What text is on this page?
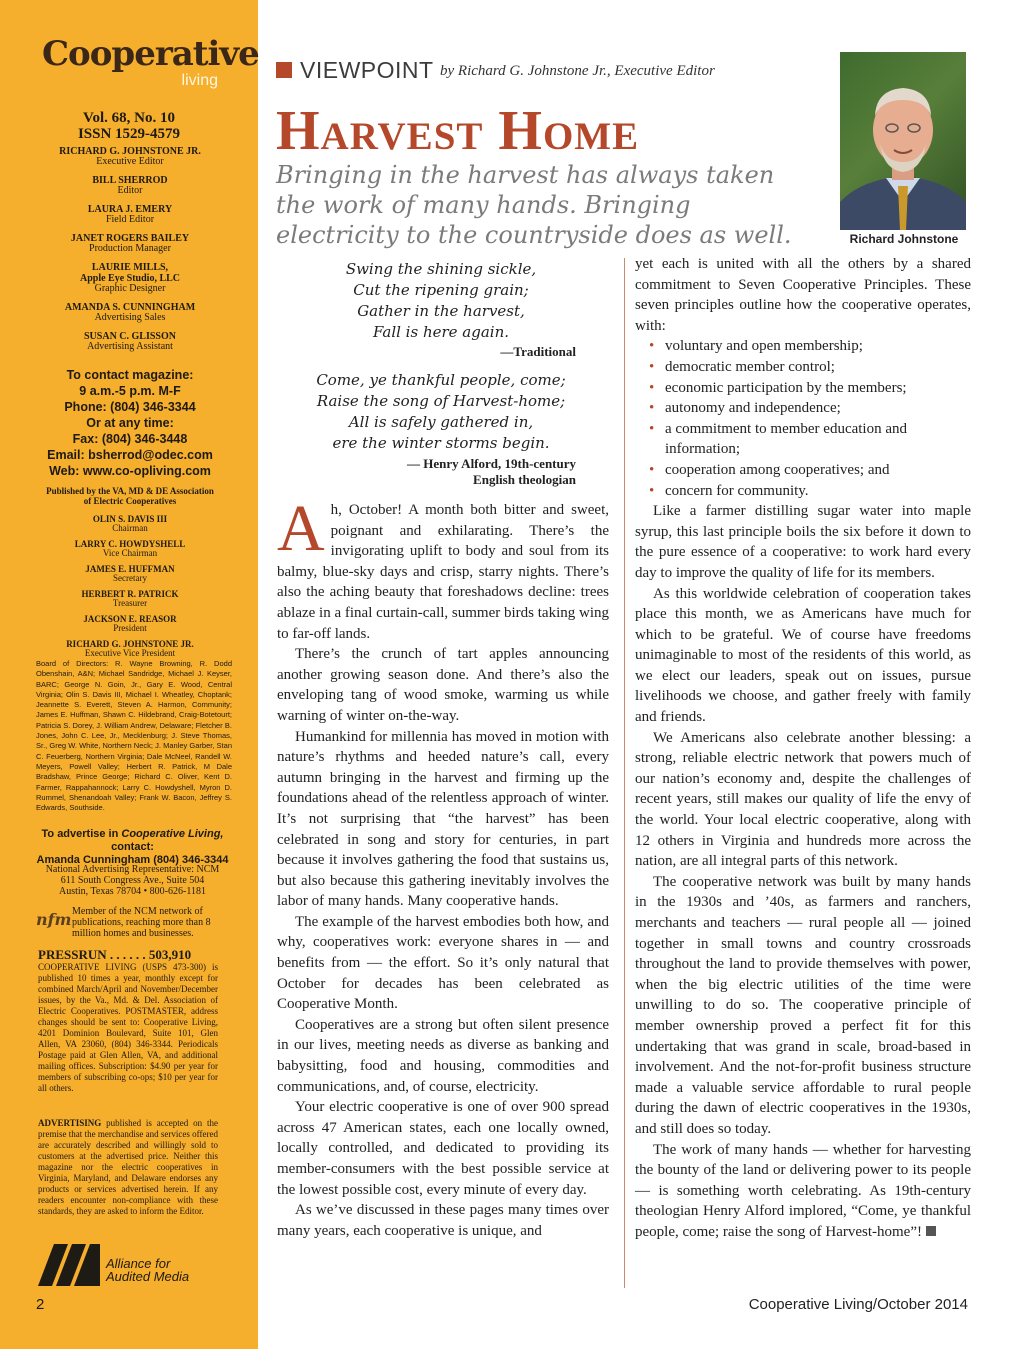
Cooperative
living
Vol. 68, No. 10
ISSN 1529-4579
RICHARD G. JOHNSTONE JR.
Executive Editor
BILL SHERROD
Editor
LAURA J. EMERY
Field Editor
JANET ROGERS BAILEY
Production Manager
LAURIE MILLS,
Apple Eye Studio, LLC
Graphic Designer
AMANDA S. CUNNINGHAM
Advertising Sales
SUSAN C. GLISSON
Advertising Assistant
To contact magazine:
9 a.m.-5 p.m. M-F
Phone: (804) 346-3344
Or at any time:
Fax: (804) 346-3448
Email: bsherrod@odec.com
Web: www.co-opliving.com
Published by the VA, MD & DE Association of Electric Cooperatives
OLIN S. DAVIS III
Chairman
LARRY C. HOWDYSHELL
Vice Chairman
JAMES E. HUFFMAN
Secretary
HERBERT R. PATRICK
Treasurer
JACKSON E. REASOR
President
RICHARD G. JOHNSTONE JR.
Executive Vice President
Board of Directors: R. Wayne Browning, R. Dodd Obenshain, A&N; Michael Sandridge, Michael J. Keyser, BARC; George N. Goin, Jr., Gary E. Wood, Central Virginia; Olin S. Davis III, Michael I. Wheatley, Choptank; Jeannette S. Everett, Steven A. Harmon, Community; James E. Huffman, Shawn C. Hildebrand, Craig-Botetourt; Patricia S. Dorey, J. William Andrew, Delaware; Fletcher B. Jones, John C. Lee, Jr., Mecklenburg; J. Steve Thomas, Sr., Greg W. White, Northern Neck; J. Manley Garber, Stan C. Feuerberg, Northern Virginia; Dale McNeel, Randell W. Meyers, Powell Valley; Herbert R. Patrick, M Dale Bradshaw, Prince George; Richard C. Oliver, Kent D. Farmer, Rappahannock; Larry C. Howdyshell, Myron D. Rummel, Shenandoah Valley; Frank W. Bacon, Jeffrey S. Edwards, Southside.
To advertise in Cooperative Living, contact:
Amanda Cunningham (804) 346-3344
National Advertising Representative: NCM
611 South Congress Ave., Suite 504
Austin, Texas 78704 • 800-626-1181
nfm Member of the NCM network of publications, reaching more than 8 million homes and businesses.
PRESSRUN . . . . . . 503,910
COOPERATIVE LIVING (USPS 473-300) is published 10 times a year, monthly except for combined March/April and November/December issues, by the Va., Md. & Del. Association of Electric Cooperatives. POSTMASTER, address changes should be sent to: Cooperative Living, 4201 Dominion Boulevard, Suite 101, Glen Allen, VA 23060, (804) 346-3344. Periodicals Postage paid at Glen Allen, VA, and additional mailing offices. Subscription: $4.90 per year for members of subscribing co-ops; $10 per year for all others.
ADVERTISING published is accepted on the premise that the merchandise and services offered are accurately described and willingly sold to customers at the advertised price. Neither this magazine nor the electric cooperatives in Virginia, Maryland, and Delaware endorses any products or services advertised herein. If any readers encounter non-compliance with these standards, they are asked to inform the Editor.
Alliance for
Audited Media
2
VIEWPOINT by Richard G. Johnstone Jr., Executive Editor
Harvest Home
Bringing in the harvest has always taken the work of many hands. Bringing electricity to the countryside does as well.	Richard Johnstone
Swing the shining sickle,
Cut the ripening grain;
Gather in the harvest,
Fall is here again.
—Traditional
Come, ye thankful people, come;
Raise the song of Harvest-home;
All is safely gathered in,
ere the winter storms begin.
— Henry Alford, 19th-century
English theologian

Ah, October! A month both bitter and sweet, poignant and exhilarating. There’s the invigorating uplift to body and soul from its balmy, blue-sky days and crisp, starry nights. There’s also the aching beauty that foreshadows decline: trees ablaze in a final curtain-call, summer birds taking wing to far-off lands.

There’s the crunch of tart apples announcing another growing season done. And there’s also the enveloping tang of wood smoke, warming us while warning of winter on-the-way.

Humankind for millennia has moved in motion with nature’s rhythms and heeded nature’s call, every autumn bringing in the harvest and firming up the foundations ahead of the relentless approach of winter. It’s not surprising that “the harvest” has been celebrated in song and story for centuries, in part because it involves gathering the food that sustains us, but also because this gathering inevitably involves the labor of many hands. Many cooperative hands.

The example of the harvest embodies both how, and why, cooperatives work: everyone shares in — and benefits from — the effort. So it’s only natural that October for decades has been celebrated as Cooperative Month.

Cooperatives are a strong but often silent presence in our lives, meeting needs as diverse as banking and babysitting, food and housing, commodities and communications, and, of course, electricity.

Your electric cooperative is one of over 900 spread across 47 American states, each one locally owned, locally controlled, and dedicated to providing its member-consumers with the best possible service at the lowest possible cost, every minute of every day.

As we’ve discussed in these pages many times over many years, each cooperative is unique, and

yet each is united with all the others by a shared commitment to Seven Cooperative Principles. These seven principles outline how the cooperative operates, with:

• voluntary and open membership;
• democratic member control;
• economic participation by the members;
• autonomy and independence;
• a commitment to member education and information;
• cooperation among cooperatives; and
• concern for community.

Like a farmer distilling sugar water into maple syrup, this last principle boils the six before it down to the pure essence of a cooperative: to work hard every day to improve the quality of life for its members.

As this worldwide celebration of cooperation takes place this month, we as Americans have much for which to be grateful. We of course have freedoms unimaginable to most of the residents of this world, as we elect our leaders, speak out on issues, pursue livelihoods we choose, and gather freely with family and friends.

We Americans also celebrate another blessing: a strong, reliable electric network that powers much of our nation’s economy and, despite the challenges of recent years, still makes our quality of life the envy of the world. Your local electric cooperative, along with 12 others in Virginia and hundreds more across the nation, are all integral parts of this network.

The cooperative network was built by many hands in the 1930s and ’40s, as farmers and ranchers, merchants and teachers — rural people all — joined together in small towns and country crossroads throughout the land to provide themselves with power, when the big electric utilities of the time were unwilling to do so. The cooperative principle of member ownership proved a perfect fit for this undertaking that was grand in scale, broad-based in involvement. And the not-for-profit business structure made a valuable service affordable to rural people during the dawn of electric cooperatives in the 1930s, and still does so today.

The work of many hands — whether for harvesting the bounty of the land or delivering power to its people — is something worth celebrating. As 19th-century theologian Henry Alford implored, “Come, ye thankful people, come; raise the song of Harvest-home”!

Cooperative Living/October 2014
